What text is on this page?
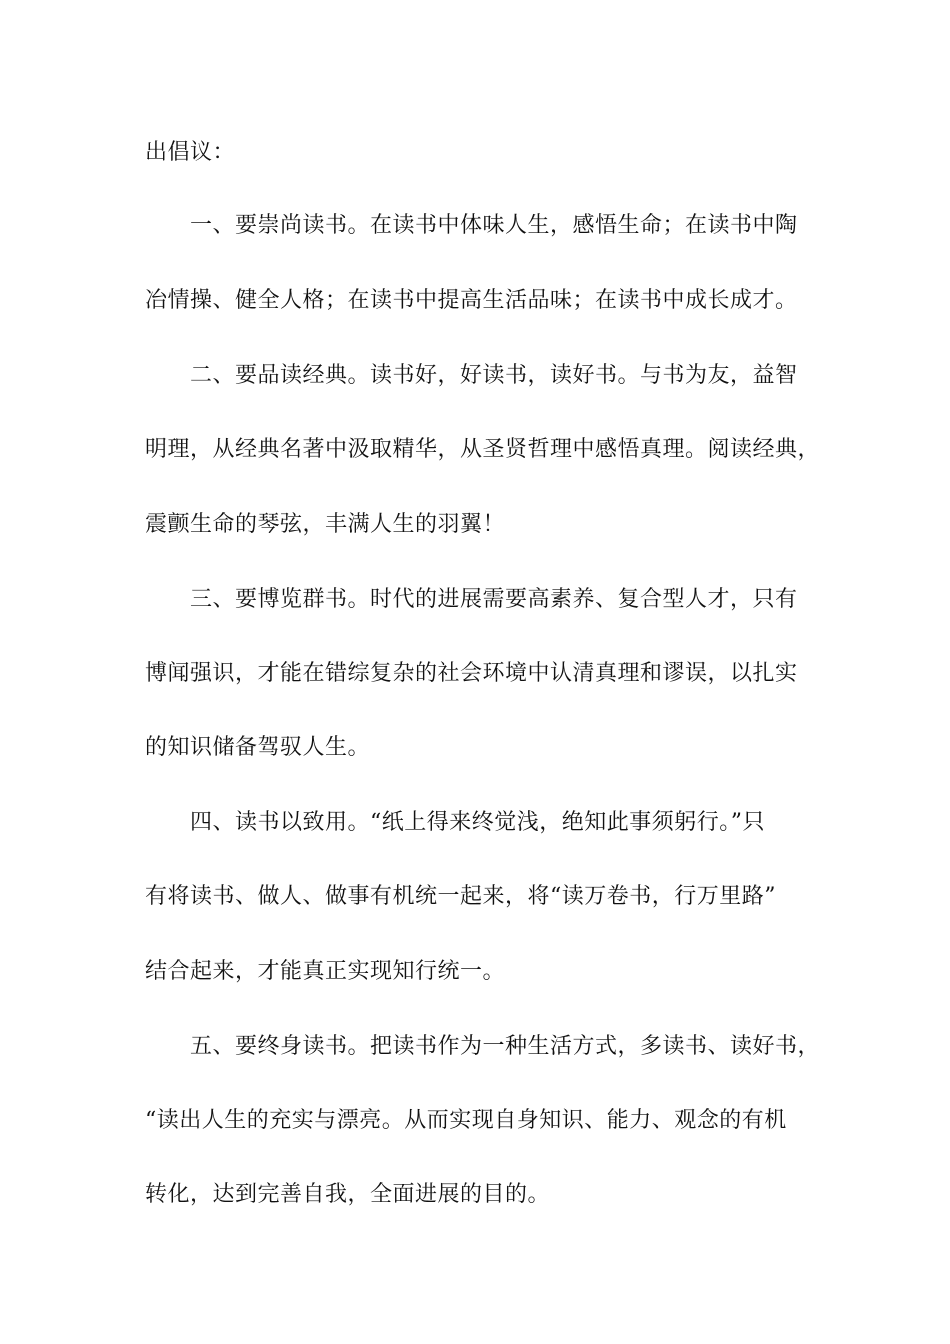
出倡议：
一、要崇尚读书。在读书中体味人生，感悟生命；在读书中陶
冶情操、健全人格；在读书中提高生活品味；在读书中成长成才。
二、要品读经典。读书好，好读书，读好书。与书为友，益智
明理，从经典名著中汲取精华，从圣贤哲理中感悟真理。阅读经典，
震颤生命的琴弦，丰满人生的羽翼！
三、要博览群书。时代的进展需要高素养、复合型人才，只有
博闻强识，才能在错综复杂的社会环境中认清真理和谬误，以扎实
的知识储备驾驭人生。
四、读书以致用。“纸上得来终觉浅，绝知此事须躬行。”只
有将读书、做人、做事有机统一起来，将“读万卷书，行万里路”
结合起来，才能真正实现知行统一。
五、要终身读书。把读书作为一种生活方式，多读书、读好书，
“读出人生的充实与漂亮。从而实现自身知识、能力、观念的有机
转化，达到完善自我，全面进展的目的。
